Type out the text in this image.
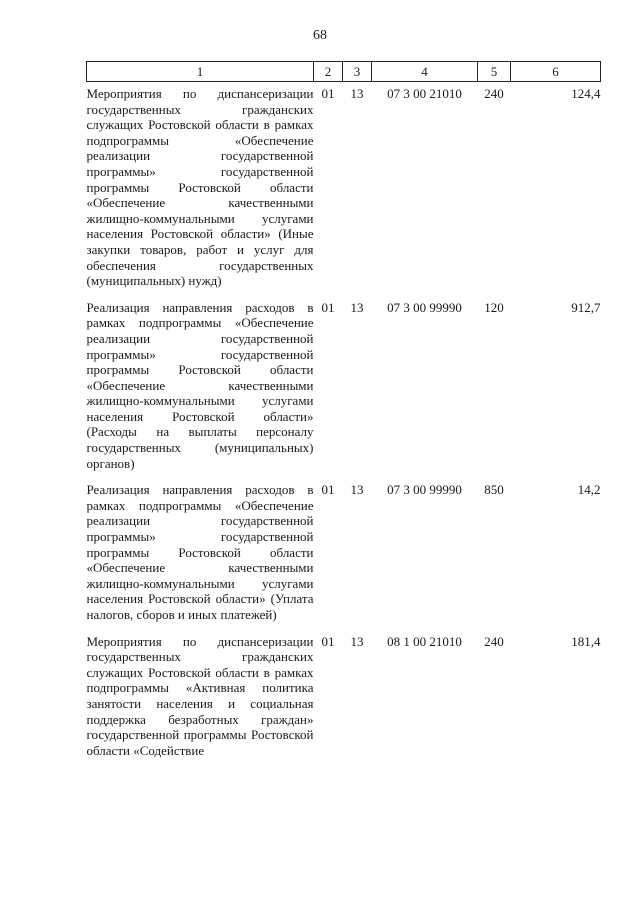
68
1	2	3	4	5	6

Мероприятия по диспансеризации государственных гражданских служащих Ростовской области в рамках подпрограммы «Обеспечение реализации государственной программы» государственной программы Ростовской области «Обеспечение качественными жилищно-коммунальными услугами населения Ростовской области» (Иные закупки товаров, работ и услуг для обеспечения государственных (муниципальных) нужд)	01	13	07 3 00 21010	240	124,4

Реализация направления расходов в рамках подпрограммы «Обеспечение реализации государственной программы» государственной программы Ростовской области «Обеспечение качественными жилищно-коммунальными услугами населения Ростовской области» (Расходы на выплаты персоналу государственных (муниципальных) органов)	01	13	07 3 00 99990	120	912,7

Реализация направления расходов в рамках подпрограммы «Обеспечение реализации государственной программы» государственной программы Ростовской области «Обеспечение качественными жилищно-коммунальными услугами населения Ростовской области» (Уплата налогов, сборов и иных платежей)	01	13	07 3 00 99990	850	14,2

Мероприятия по диспансеризации государственных гражданских служащих Ростовской области в рамках подпрограммы «Активная политика занятости населения и социальная поддержка безработных граждан» государственной программы Ростовской области «Содействие	01	13	08 1 00 21010	240	181,4
